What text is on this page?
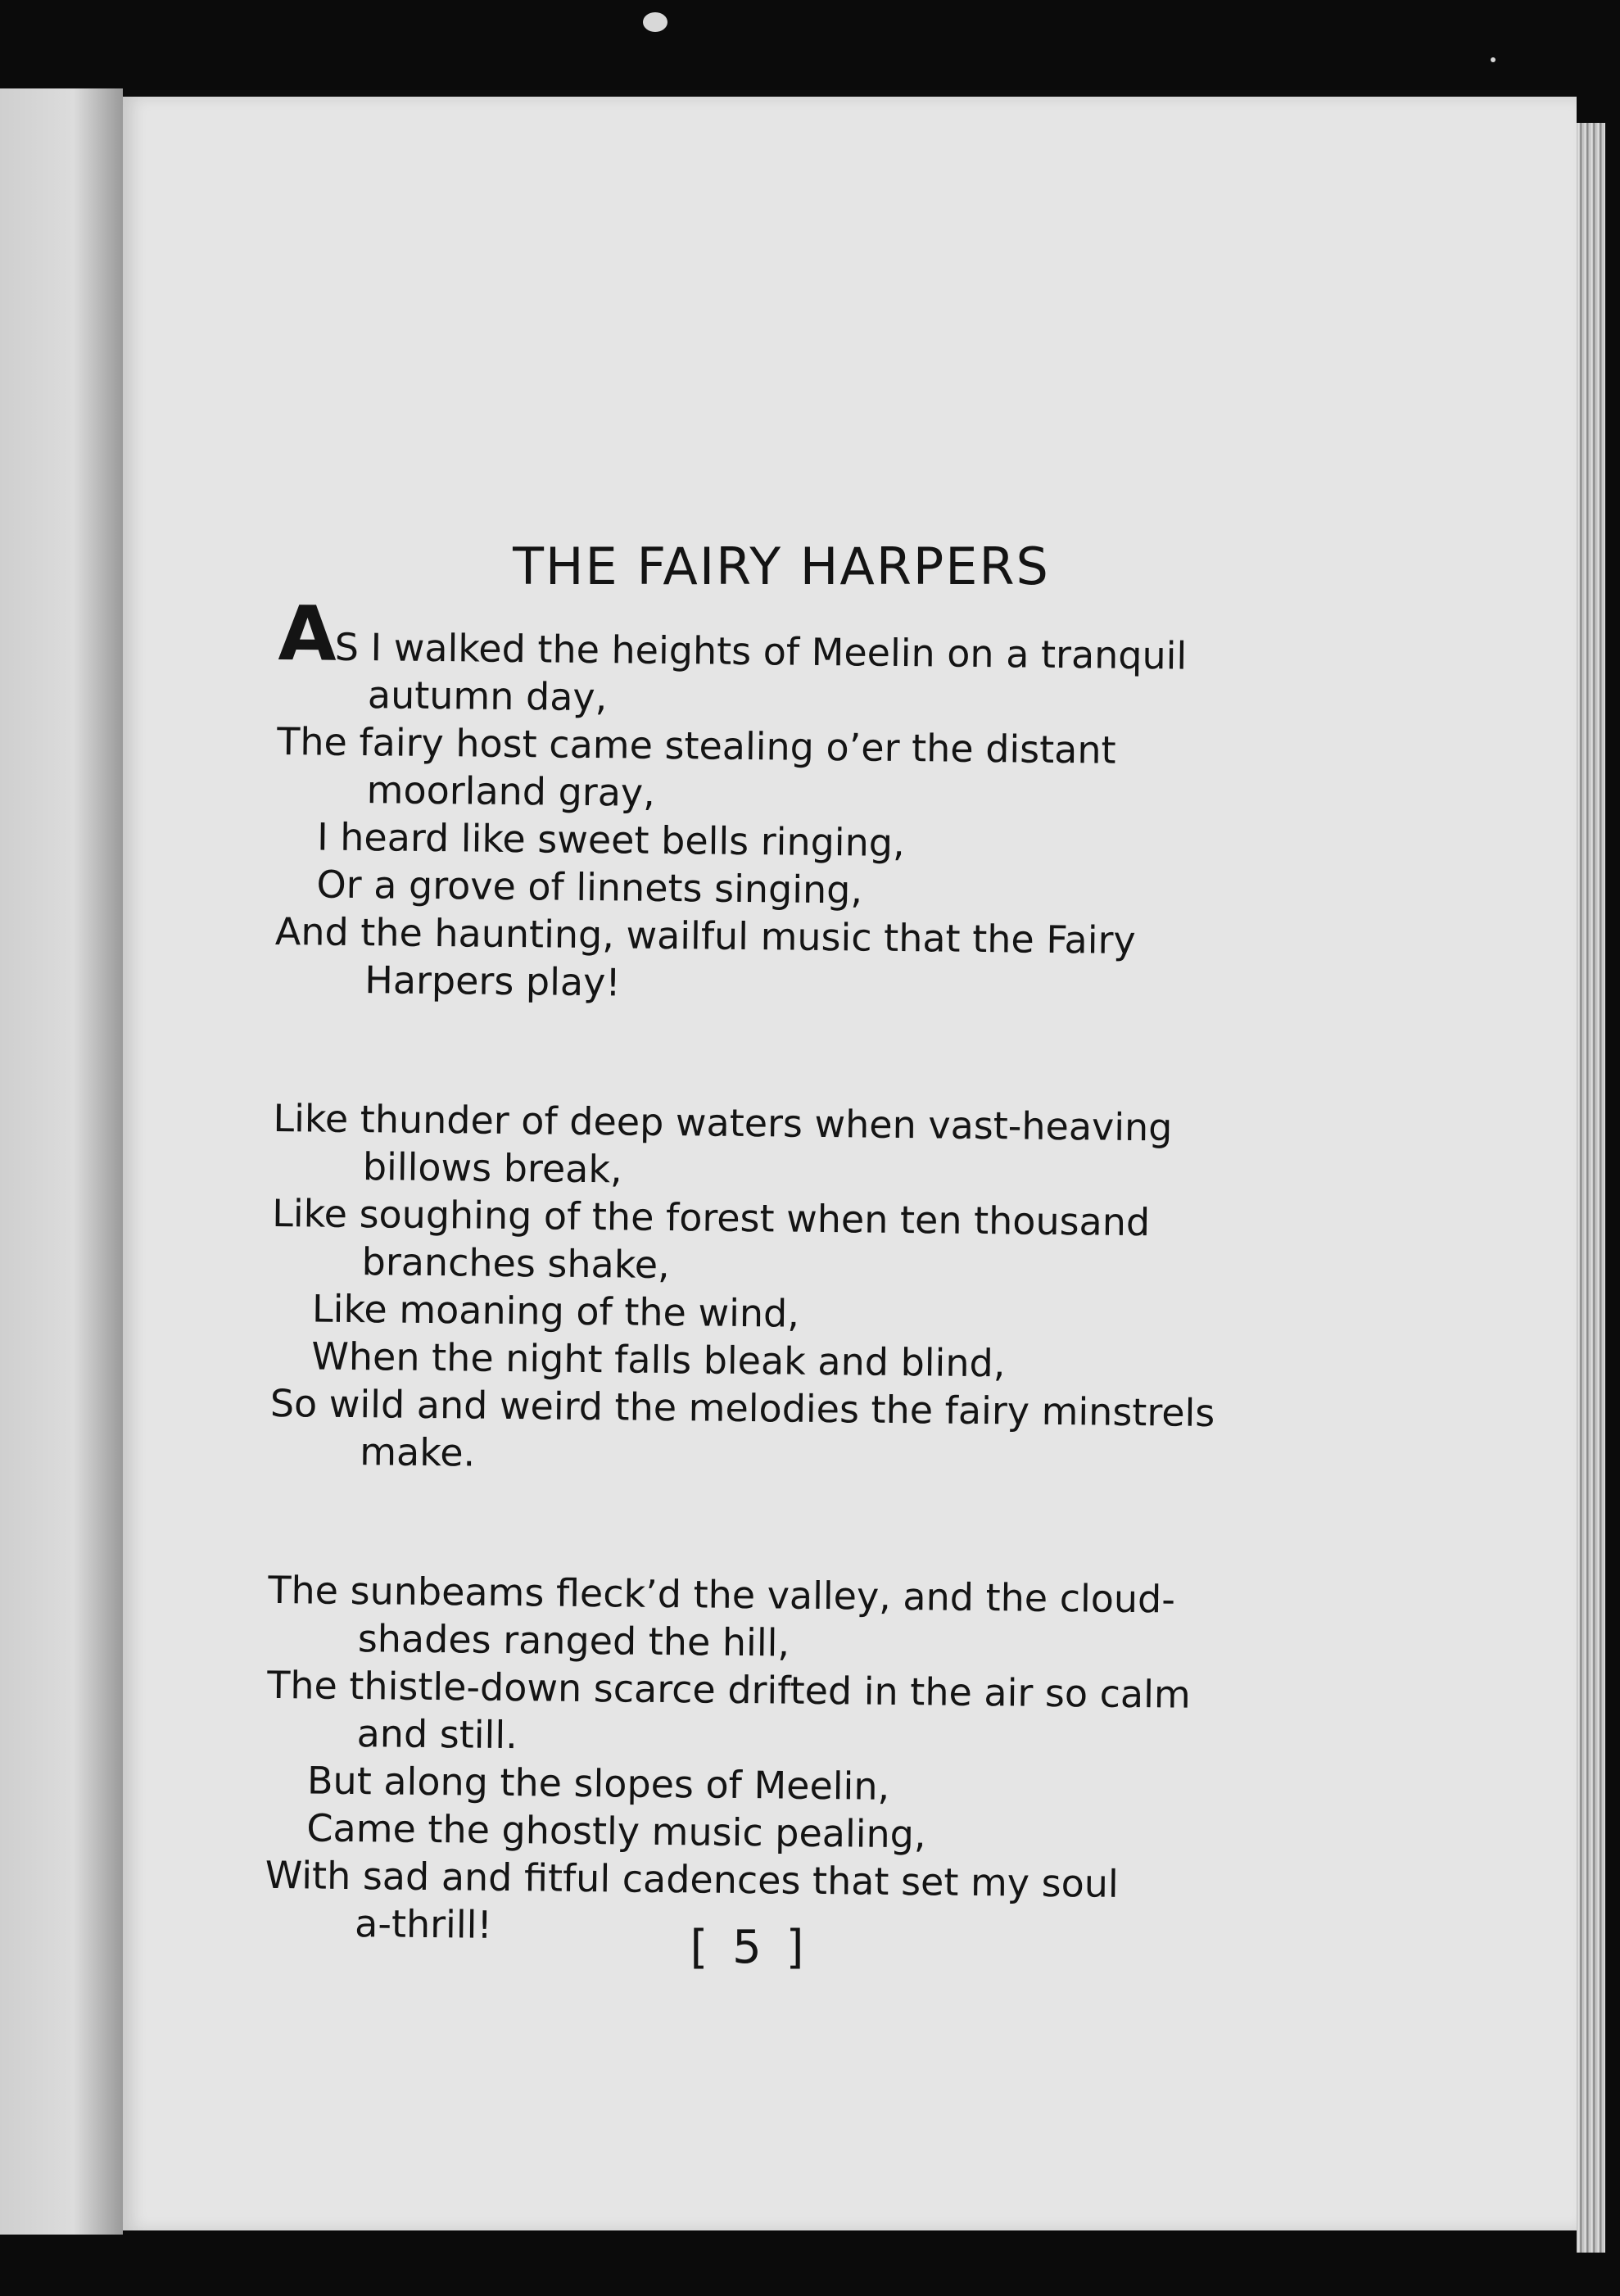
THE FAIRY HARPERS
AS I walked the heights of Meelin on a tranquil
autumn day,
The fairy host came stealing o’er the distant
moorland gray,
I heard like sweet bells ringing,
Or a grove of linnets singing,
And the haunting, wailful music that the Fairy
Harpers play!
Like thunder of deep waters when vast-heaving
billows break,
Like soughing of the forest when ten thousand
branches shake,
Like moaning of the wind,
When the night falls bleak and blind,
So wild and weird the melodies the fairy minstrels
make.
The sunbeams fleck’d the valley, and the cloud-
shades ranged the hill,
The thistle-down scarce drifted in the air so calm
and still.
But along the slopes of Meelin,
Came the ghostly music pealing,
With sad and fitful cadences that set my soul
a-thrill!	[ 5 ]
